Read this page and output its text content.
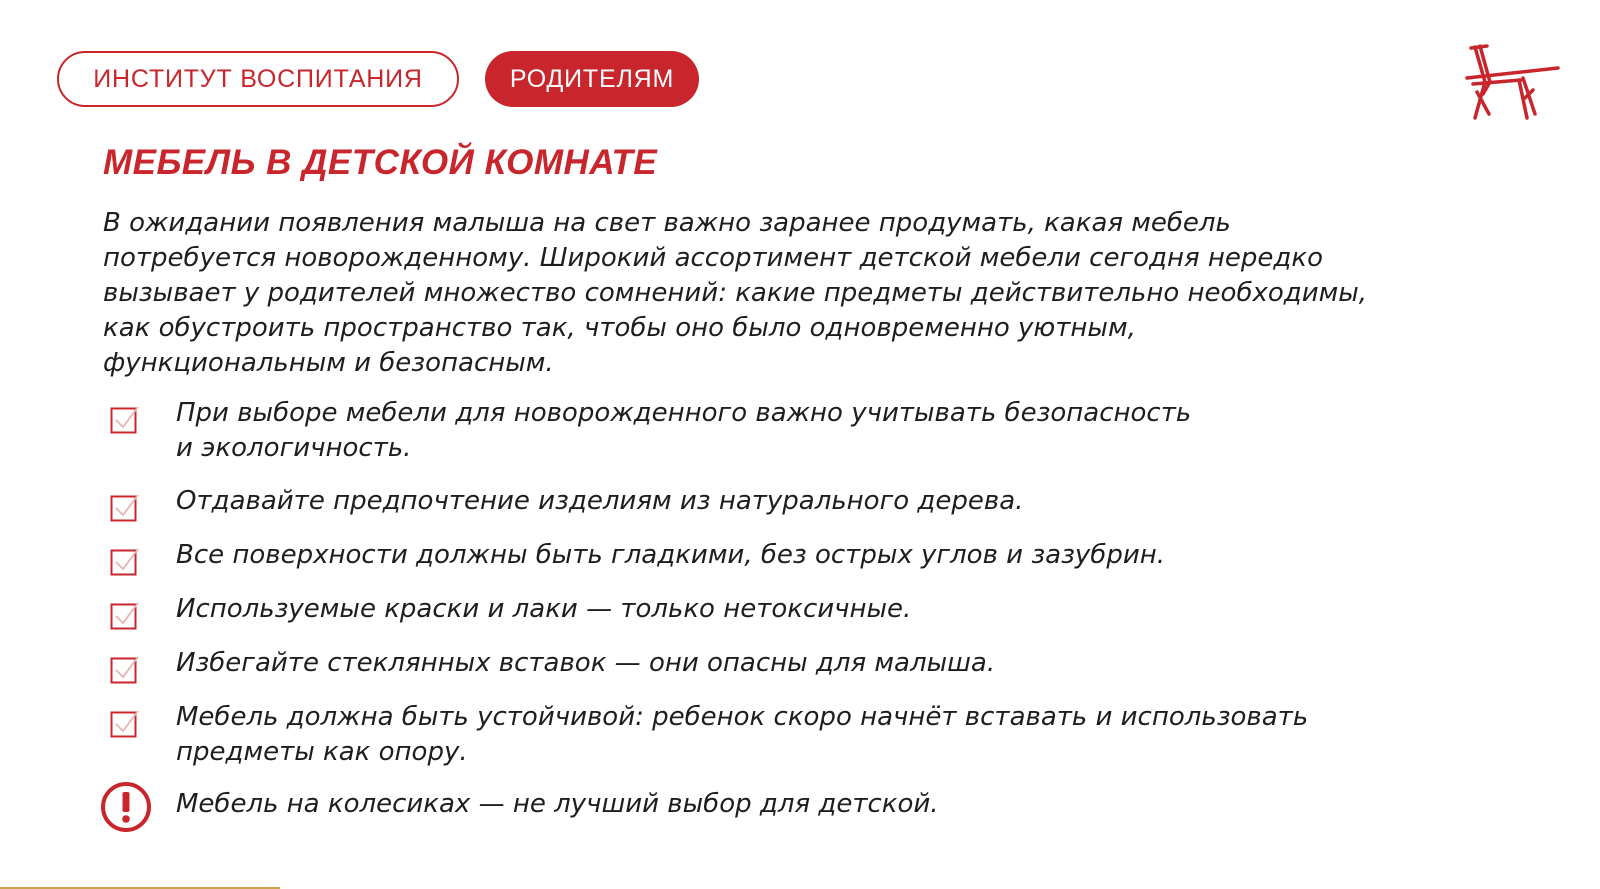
ИНСТИТУТ ВОСПИТАНИЯ	РОДИТЕЛЯМ
МЕБЕЛЬ В ДЕТСКОЙ КОМНАТЕ

В ожидании появления малыша на свет важно заранее продумать, какая мебель
потребуется новорожденному. Широкий ассортимент детской мебели сегодня нередко
вызывает у родителей множество сомнений: какие предметы действительно необходимы,
как обустроить пространство так, чтобы оно было одновременно уютным,
функциональным и безопасным.

При выборе мебели для новорожденного важно учитывать безопасность
и экологичность.

Отдавайте предпочтение изделиям из натурального дерева.

Все поверхности должны быть гладкими, без острых углов и зазубрин.

Используемые краски и лаки — только нетоксичные.

Избегайте стеклянных вставок — они опасны для малыша.

Мебель должна быть устойчивой: ребенок скоро начнёт вставать и использовать
предметы как опору.

Мебель на колесиках — не лучший выбор для детской.
